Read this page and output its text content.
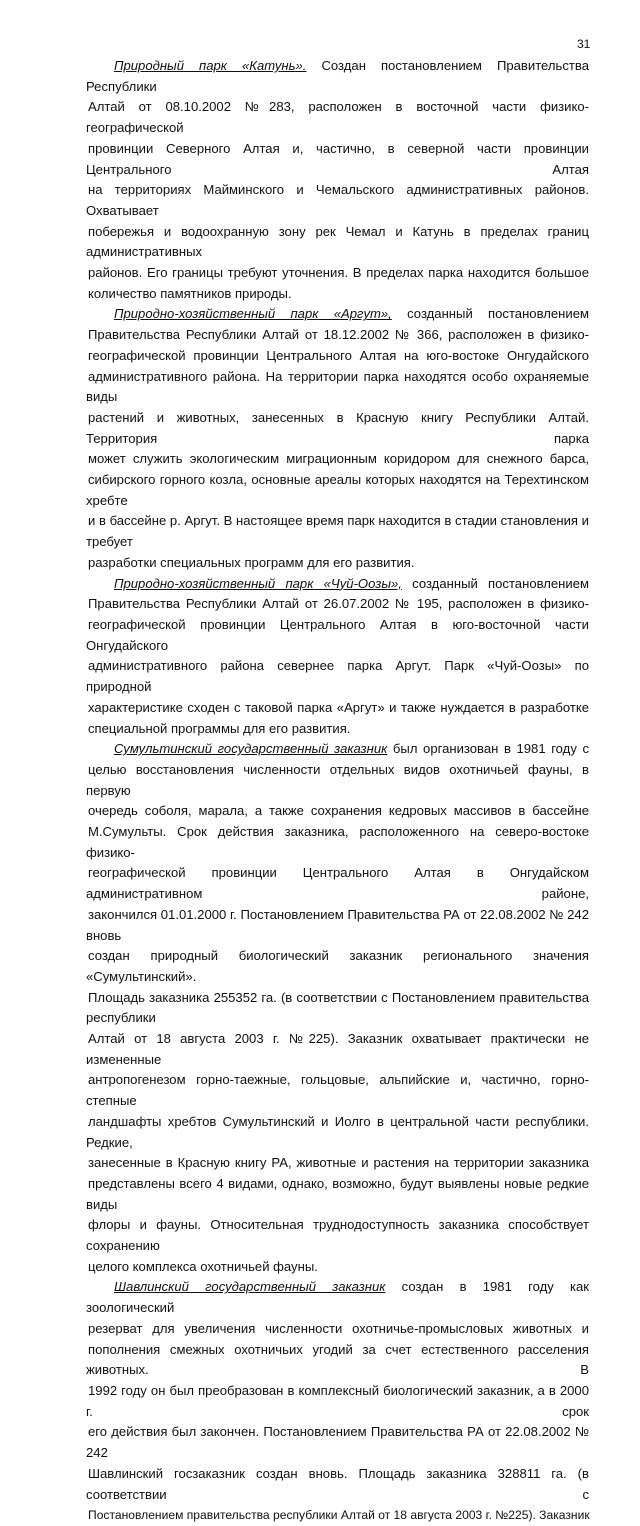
31
Природный парк «Катунь». Создан постановлением Правительства Республики
Алтай от 08.10.2002 №283, расположен в восточной части физико-географической
провинции Северного Алтая и, частично, в северной части провинции Центрального Алтая
на территориях Майминского и Чемальского административных районов. Охватывает
побережья и водоохранную зону рек Чемал и Катунь в пределах границ административных
районов. Его границы требуют уточнения. В пределах парка находится большое
количество памятников природы.
Природно-хозяйственный парк «Аргут», созданный постановлением
Правительства Республики Алтай от 18.12.2002 № 366, расположен в физико-
географической провинции Центрального Алтая на юго-востоке Онгудайского
административного района. На территории парка находятся особо охраняемые виды
растений и животных, занесенных в Красную книгу Республики Алтай. Территория парка
может служить экологическим миграционным коридором для снежного барса,
сибирского горного козла, основные ареалы которых находятся на Терехтинском хребте
и в бассейне р. Аргут. В настоящее время парк находится в стадии становления и требует
разработки специальных программ для его развития.
Природно-хозяйственный парк «Чуй-Оозы», созданный постановлением
Правительства Республики Алтай от 26.07.2002 № 195, расположен в физико-
географической провинции Центрального Алтая в юго-восточной части Онгудайского
административного района севернее парка Аргут. Парк «Чуй-Оозы» по природной
характеристике сходен с таковой парка «Аргут» и также нуждается в разработке
специальной программы для его развития.
Сумультинский государственный заказник был организован в 1981 году с
целью восстановления численности отдельных видов охотничьей фауны, в первую
очередь соболя, марала, а также сохранения кедровых массивов в бассейне
М.Сумульты. Срок действия заказника, расположенного на северо-востоке физико-
географической провинции Центрального Алтая в Онгудайском административном районе,
закончился 01.01.2000 г. Постановлением Правительства РА от 22.08.2002 № 242 вновь
создан природный биологический заказник регионального значения «Сумультинский».
Площадь заказника 255352 га. (в соответствии с Постановлением правительства республики
Алтай от 18 августа 2003 г. №225). Заказник охватывает практически не измененные
антропогенезом горно-таежные, гольцовые, альпийские и, частично, горно-степные
ландшафты хребтов Сумультинский и Иолго в центральной части республики. Редкие,
занесенные в Красную книгу РА, животные и растения на территории заказника
представлены всего 4 видами, однако, возможно, будут выявлены новые редкие виды
флоры и фауны. Относительная труднодоступность заказника способствует сохранению
целого комплекса охотничьей фауны.
Шавлинский государственный заказник создан в 1981 году как зоологический
резерват для увеличения численности охотничье-промысловых животных и
пополнения смежных охотничьих угодий за счет естественного расселения животных. В
1992 году он был преобразован в комплексный биологический заказник, а в 2000 г. срок
его действия был закончен. Постановлением Правительства РА от 22.08.2002 № 242
Шавлинский госзаказник создан вновь. Площадь заказника 328811 га. (в соответствии с
Постановлением правительства республики Алтай от 18 августа 2003 г. №225). Заказник
